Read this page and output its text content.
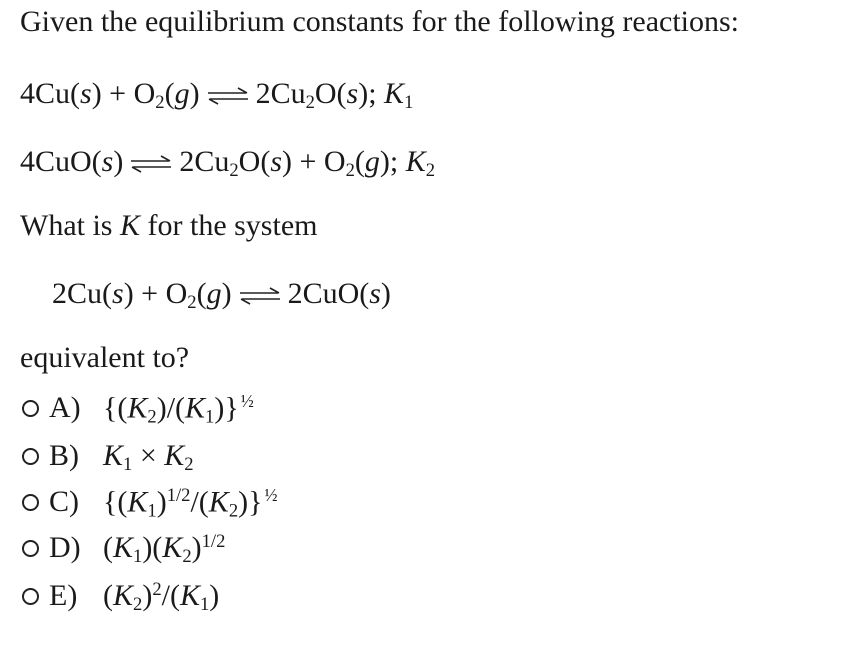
Given the equilibrium constants for the following reactions:
$4Cu(s) + O_2(g)$ ⇌ $2Cu_2O(s)$; $K_1$
4CuO(s) ⇌ $2Cu_2O(s) + O_2(g)$; $K_2$
What is K for the system
$2Cu(s) + O_2(g)$ ⇌ 2CuO(s)
equivalent to?
A) $\{(K_2)/(K_1)\}$ $^{\frac{1}{2}}$
B) $K_1 \times K_2$
C) $\{(K_1)^{1/2}/(K_2)\}$ $^{\frac{1}{2}}$
D) $(K_1)(K_2)^{1/2}$
E) $(K_2)^2/(K_1)$
